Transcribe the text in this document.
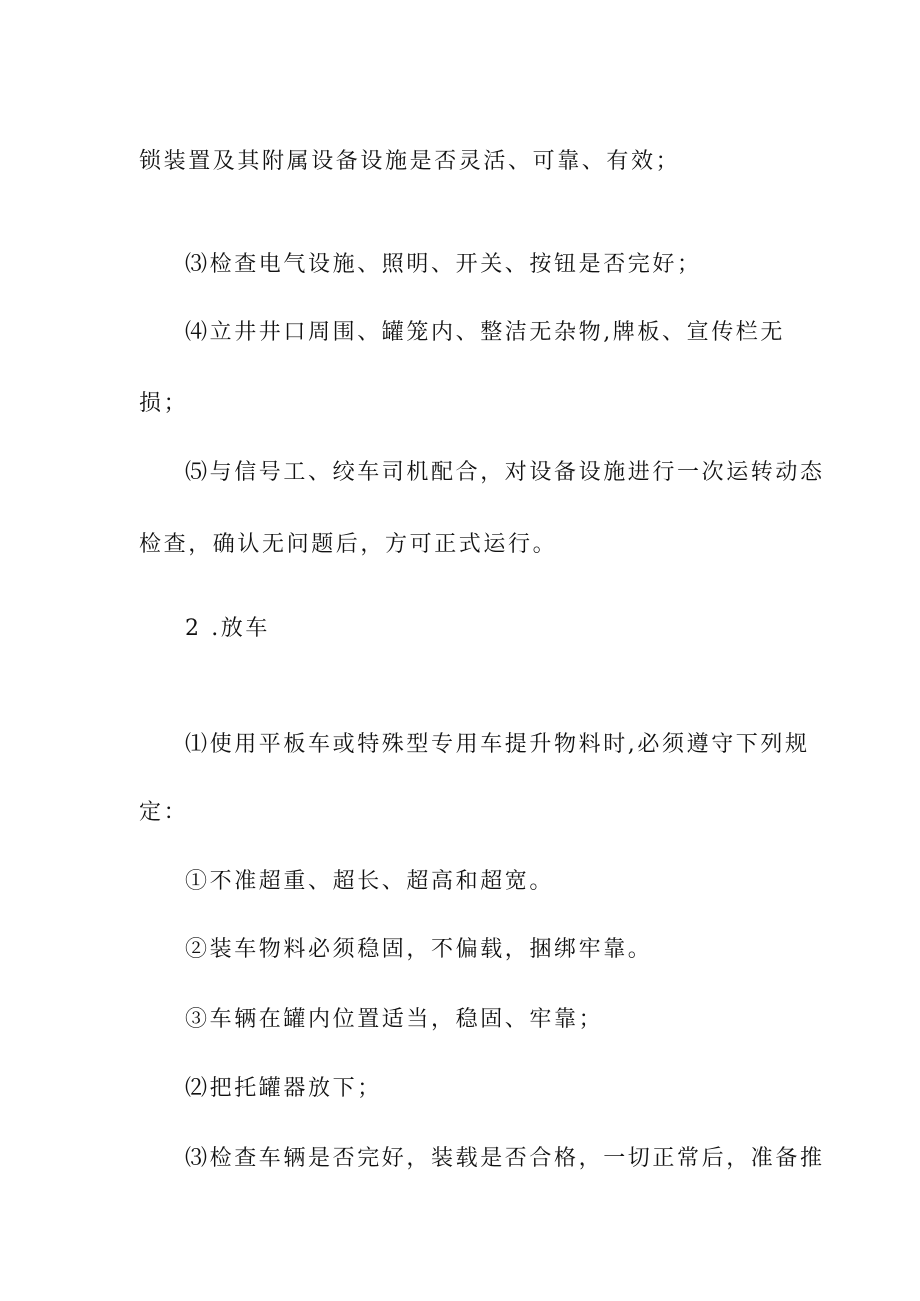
锁装置及其附属设备设施是否灵活、可靠、有效；

⑶检查电气设施、照明、开关、按钮是否完好；

⑷立井井口周围、罐笼内、整洁无杂物,牌板、宣传栏无

损；

⑸与信号工、绞车司机配合，对设备设施进行一次运转动态

检查，确认无问题后，方可正式运行。

2 .放车

⑴使用平板车或特殊型专用车提升物料时,必须遵守下列规

定：

①不准超重、超长、超高和超宽。

②装车物料必须稳固，不偏载，捆绑牢靠。

③车辆在罐内位置适当，稳固、牢靠；

⑵把托罐器放下；

⑶检查车辆是否完好，装载是否合格，一切正常后，准备推
